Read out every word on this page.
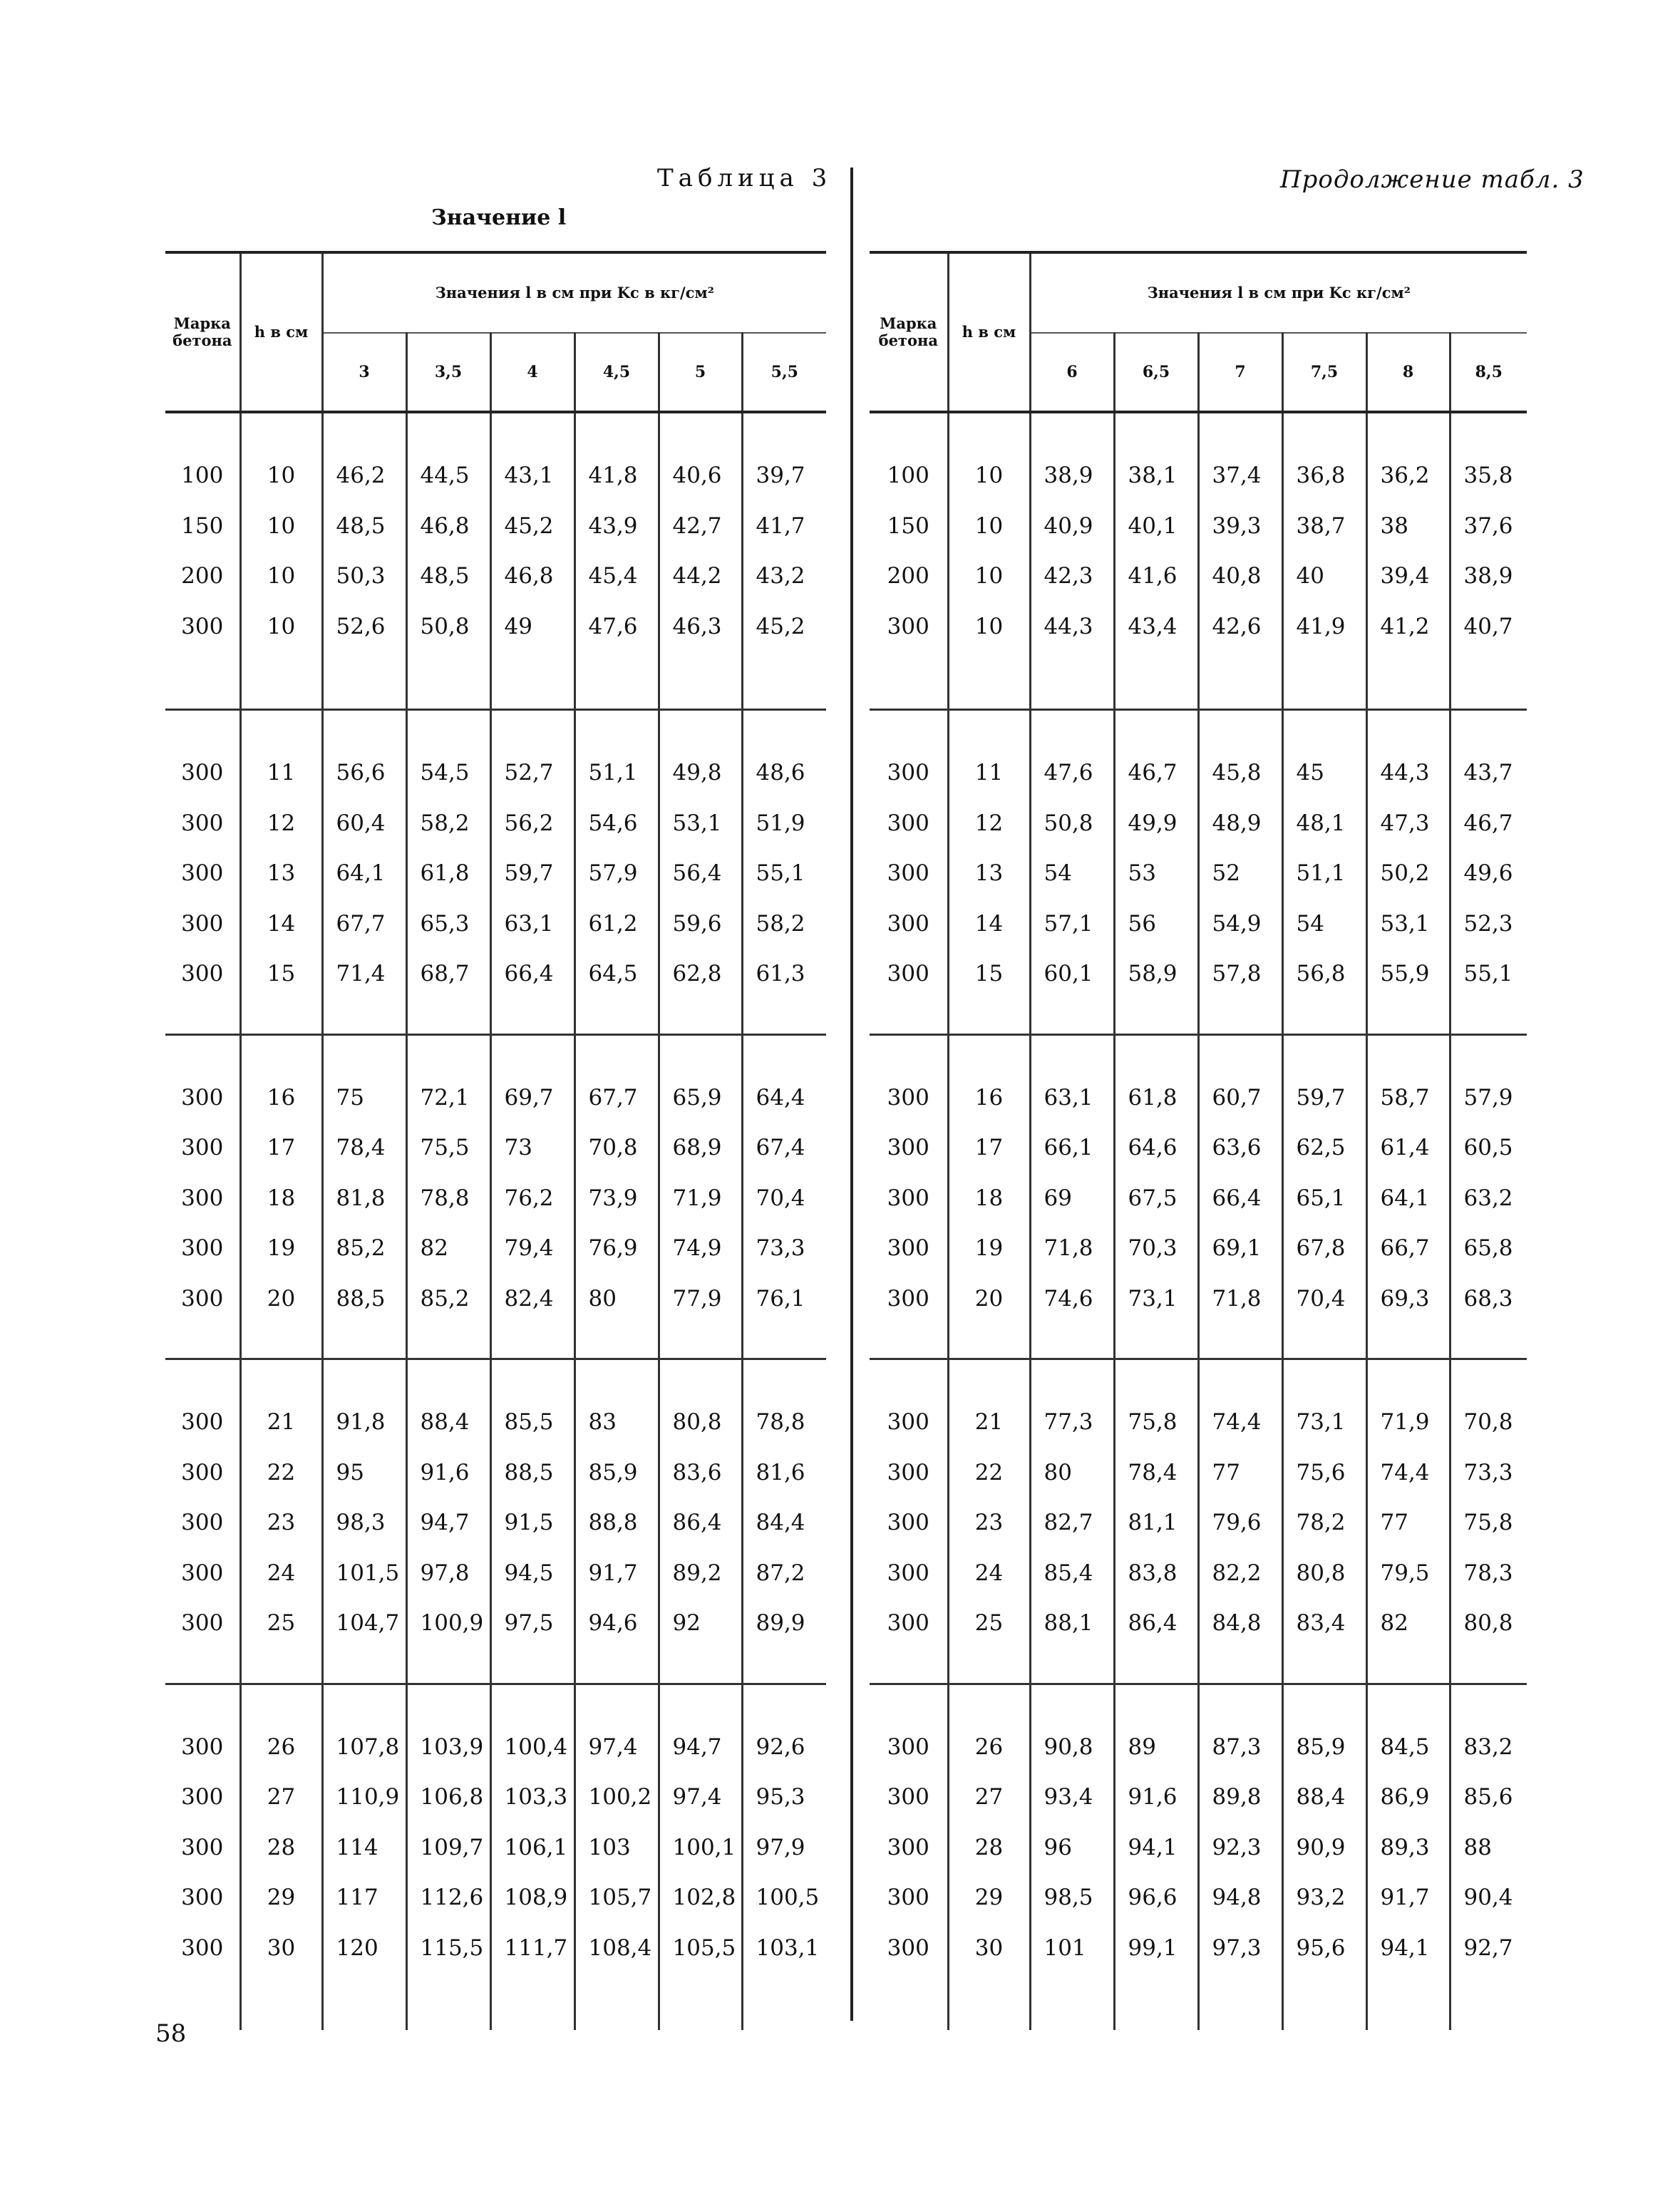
Таблица 3
Значение l
Продолжение табл. 3
Марка бетона	h в см	Значения l в см при Kс в кг/см²					
		3	3,5	4	4,5	5	5,5

100	10	46,2	44,5	43,1	41,8	40,6	39,7
150	10	48,5	46,8	45,2	43,9	42,7	41,7
200	10	50,3	48,5	46,8	45,4	44,2	43,2
300	10	52,6	50,8	49	47,6	46,3	45,2

300	11	56,6	54,5	52,7	51,1	49,8	48,6
300	12	60,4	58,2	56,2	54,6	53,1	51,9
300	13	64,1	61,8	59,7	57,9	56,4	55,1
300	14	67,7	65,3	63,1	61,2	59,6	58,2
300	15	71,4	68,7	66,4	64,5	62,8	61,3

300	16	75	72,1	69,7	67,7	65,9	64,4
300	17	78,4	75,5	73	70,8	68,9	67,4
300	18	81,8	78,8	76,2	73,9	71,9	70,4
300	19	85,2	82	79,4	76,9	74,9	73,3
300	20	88,5	85,2	82,4	80	77,9	76,1

300	21	91,8	88,4	85,5	83	80,8	78,8
300	22	95	91,6	88,5	85,9	83,6	81,6
300	23	98,3	94,7	91,5	88,8	86,4	84,4
300	24	101,5	97,8	94,5	91,7	89,2	87,2
300	25	104,7	100,9	97,5	94,6	92	89,9

300	26	107,8	103,9	100,4	97,4	94,7	92,6
300	27	110,9	106,8	103,3	100,2	97,4	95,3
300	28	114	109,7	106,1	103	100,1	97,9
300	29	117	112,6	108,9	105,7	102,8	100,5
300	30	120	115,5	111,7	108,4	105,5	103,1

Марка бетона	h в см	Значения l в см при Kс кг/см²					
		6	6,5	7	7,5	8	8,5

100	10	38,9	38,1	37,4	36,8	36,2	35,8
150	10	40,9	40,1	39,3	38,7	38	37,6
200	10	42,3	41,6	40,8	40	39,4	38,9
300	10	44,3	43,4	42,6	41,9	41,2	40,7

300	11	47,6	46,7	45,8	45	44,3	43,7
300	12	50,8	49,9	48,9	48,1	47,3	46,7
300	13	54	53	52	51,1	50,2	49,6
300	14	57,1	56	54,9	54	53,1	52,3
300	15	60,1	58,9	57,8	56,8	55,9	55,1

300	16	63,1	61,8	60,7	59,7	58,7	57,9
300	17	66,1	64,6	63,6	62,5	61,4	60,5
300	18	69	67,5	66,4	65,1	64,1	63,2
300	19	71,8	70,3	69,1	67,8	66,7	65,8
300	20	74,6	73,1	71,8	70,4	69,3	68,3

300	21	77,3	75,8	74,4	73,1	71,9	70,8
300	22	80	78,4	77	75,6	74,4	73,3
300	23	82,7	81,1	79,6	78,2	77	75,8
300	24	85,4	83,8	82,2	80,8	79,5	78,3
300	25	88,1	86,4	84,8	83,4	82	80,8

300	26	90,8	89	87,3	85,9	84,5	83,2
300	27	93,4	91,6	89,8	88,4	86,9	85,6
300	28	96	94,1	92,3	90,9	89,3	88
300	29	98,5	96,6	94,8	93,2	91,7	90,4
300	30	101	99,1	97,3	95,6	94,1	92,7

58
